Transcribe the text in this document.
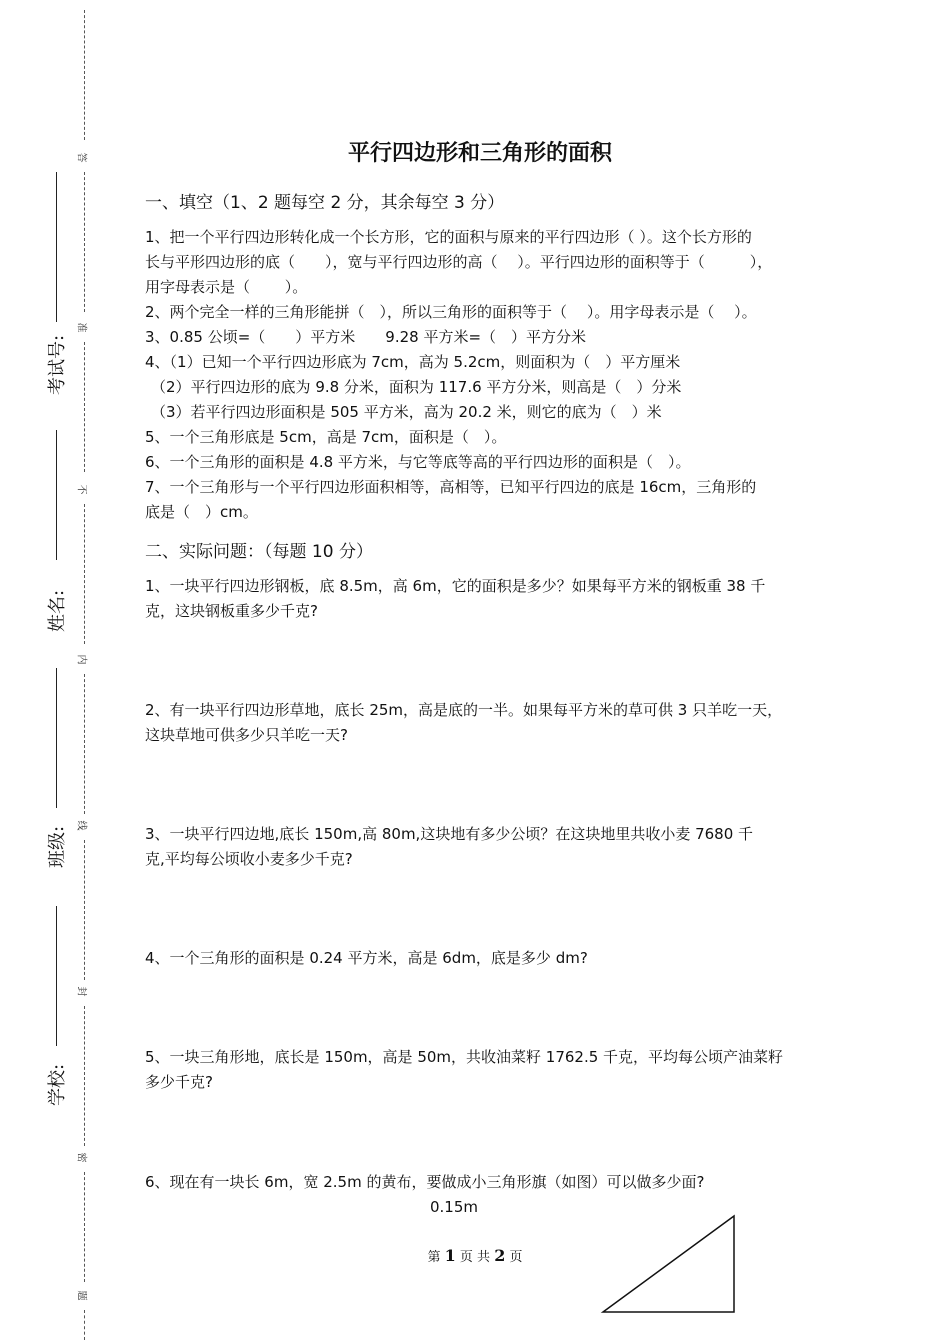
答
准
不
内
线
封
密
题
考试号:
姓名:
班级:
学校:
平行四边形和三角形的面积
一、填空（1、2 题每空 2 分，其余每空 3 分）
1、把一个平行四边形转化成一个长方形，它的面积与原来的平行四边形（ ）。这个长方形的
长与平形四边形的底（　　），宽与平行四边形的高（　 ）。平行四边形的面积等于（　　　），
用字母表示是（　　 ）。
2、两个完全一样的三角形能拼（　），所以三角形的面积等于（　 ）。用字母表示是（　 ）。
3、0.85 公顷=（　　）平方米　　9.28 平方米=（　）平方分米
4、（1）已知一个平行四边形底为 7cm，高为 5.2cm，则面积为（　）平方厘米
（2）平行四边形的底为 9.8 分米，面积为 117.6 平方分米，则高是（　）分米
（3）若平行四边形面积是 505 平方米，高为 20.2 米，则它的底为（　）米
5、一个三角形底是 5cm，高是 7cm，面积是（　）。
6、一个三角形的面积是 4.8 平方米，与它等底等高的平行四边形的面积是（　）。
7、一个三角形与一个平行四边形面积相等，高相等，已知平行四边的底是 16cm，三角形的
底是（　）cm。
二、实际问题：（每题 10 分）
1、一块平行四边形钢板，底 8.5m，高 6m，它的面积是多少？如果每平方米的钢板重 38 千
克，这块钢板重多少千克?
2、有一块平行四边形草地，底长 25m，高是底的一半。如果每平方米的草可供 3 只羊吃一天，
这块草地可供多少只羊吃一天?
3、一块平行四边地,底长 150m,高 80m,这块地有多少公顷？在这块地里共收小麦 7680 千
克,平均每公顷收小麦多少千克?
4、一个三角形的面积是 0.24 平方米，高是 6dm，底是多少 dm?
5、一块三角形地，底长是 150m，高是 50m，共收油菜籽 1762.5 千克，平均每公顷产油菜籽
多少千克?
6、现在有一块长 6m，宽 2.5m 的黄布，要做成小三角形旗（如图）可以做多少面?
0.15m
第 1 页 共 2 页
